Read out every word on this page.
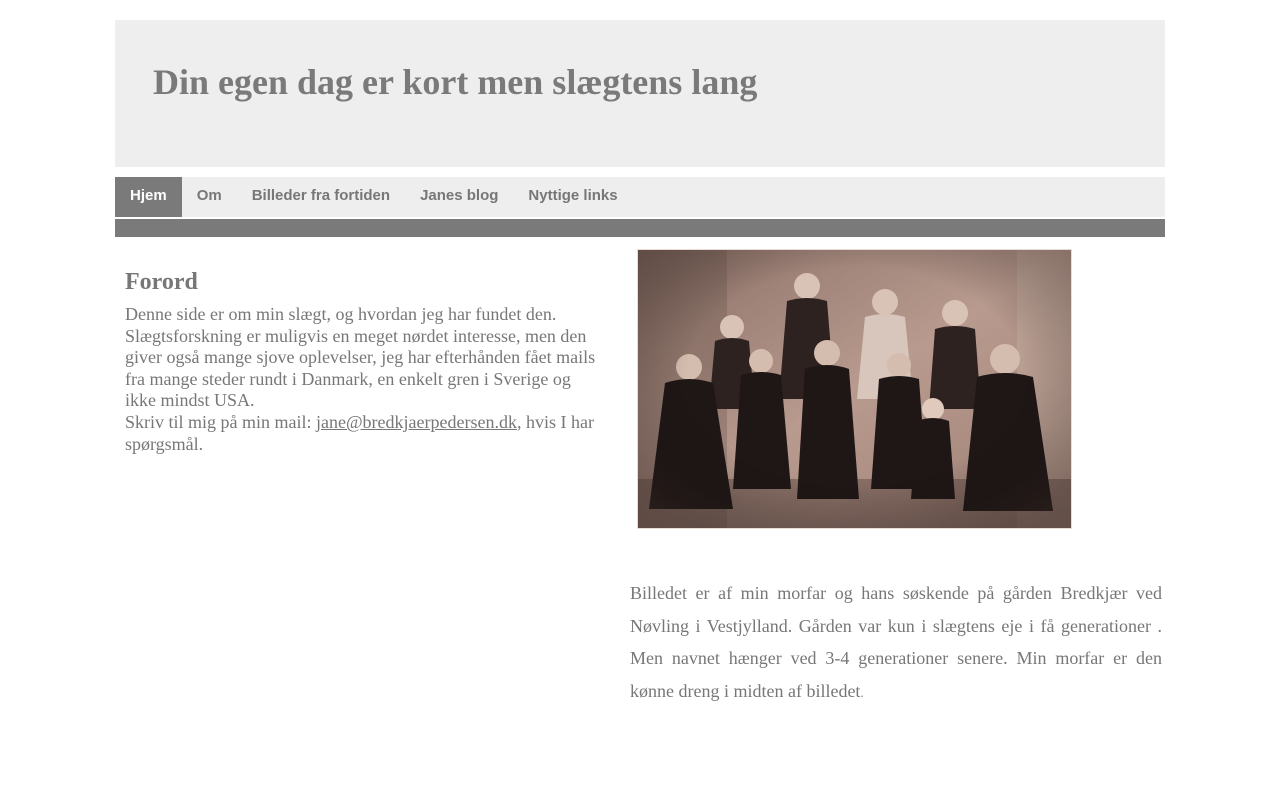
Din egen dag er kort men slægtens lang
Hjem	Om	Billeder fra fortiden	Janes blog	Nyttige links
Forord

Denne side er om min slægt, og hvordan jeg har fundet den. Slægtsforskning er muligvis en meget nørdet interesse, men den giver også mange sjove oplevelser, jeg har efterhånden fået mails fra mange steder rundt i Danmark, en enkelt gren i Sverige og ikke mindst USA.

Skriv til mig på min mail: jane@bredkjaerpedersen.dk, hvis I har spørgsmål.

Billedet er af min morfar og hans søskende på gården Bredkjær ved Nøvling i Vestjylland. Gården var kun i slægtens eje i få generationer . Men navnet hænger ved 3-4 generationer senere. Min morfar er den kønne dreng i midten af billedet.
